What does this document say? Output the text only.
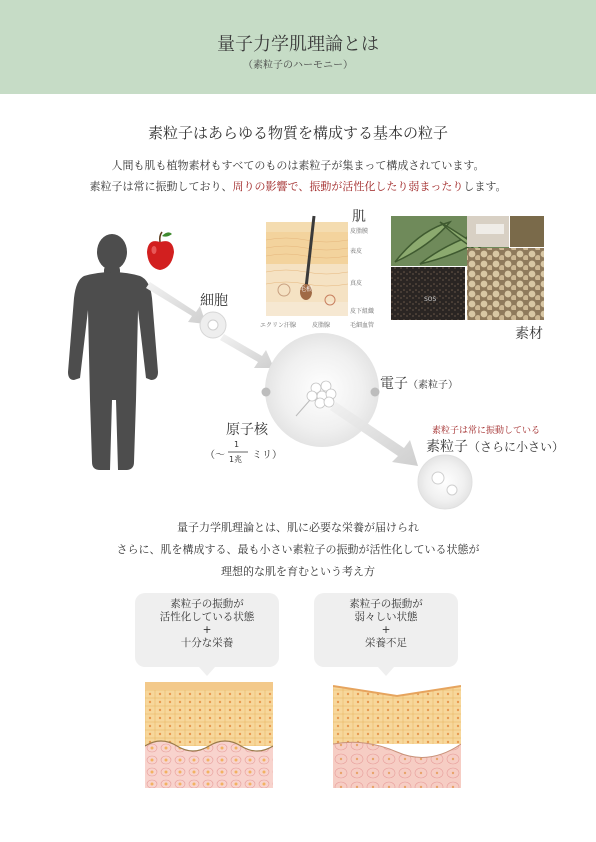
量子力学肌理論とは
（素粒子のハーモニー）
素粒子はあらゆる物質を構成する基本の粒子
人間も肌も植物素材もすべてのものは素粒子が集まって構成されています。
素粒子は常に振動しており、周りの影響で、振動が活性化したり弱まったりします。
皮脂膜
表皮
真皮
皮下組織
毛根
エクリン汗腺	皮脂腺	毛細血管
SOS
肌
素材
細胞
電子（素粒子）
原子核
（～
1
1兆 ミリ）
素粒子は常に振動している
素粒子（さらに小さい）
量子力学肌理論とは、肌に必要な栄養が届けられ
さらに、肌を構成する、最も小さい素粒子の振動が活性化している状態が
理想的な肌を育むという考え方
素粒子の振動が
活性化している状態
+
十分な栄養
素粒子の振動が
弱々しい状態
+
栄養不足
